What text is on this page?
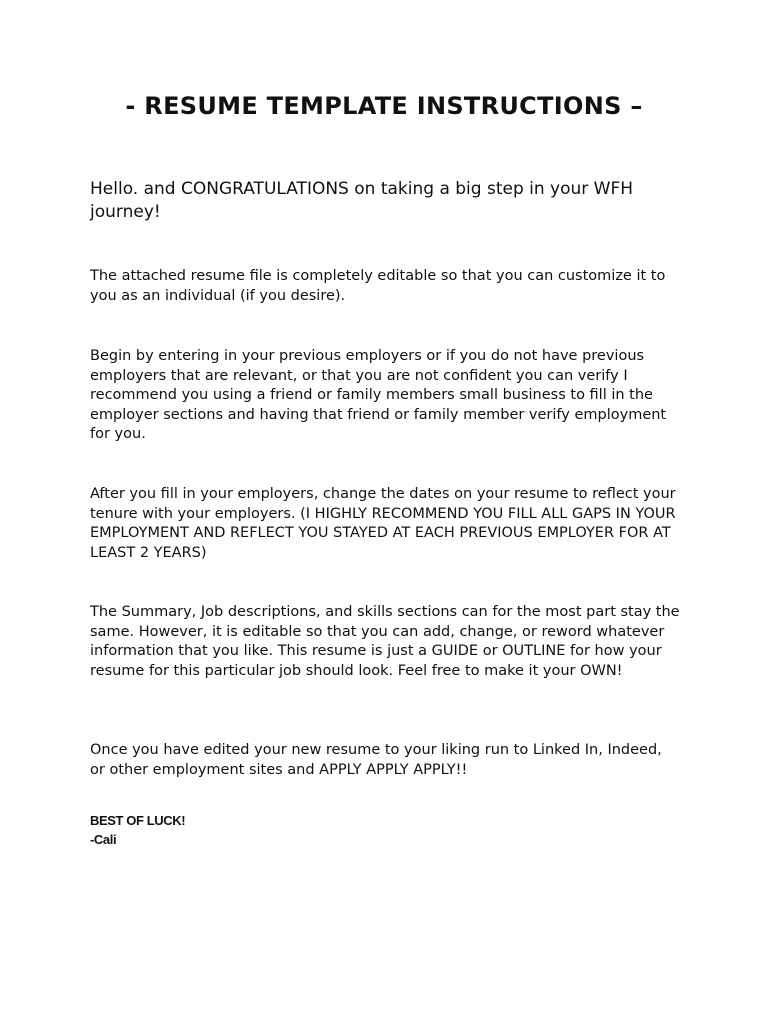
- RESUME TEMPLATE INSTRUCTIONS –

Hello. and CONGRATULATIONS on taking a big step in your WFH journey!

The attached resume file is completely editable so that you can customize it to you as an individual (if you desire).

Begin by entering in your previous employers or if you do not have previous employers that are relevant, or that you are not confident you can verify I recommend you using a friend or family members small business to fill in the employer sections and having that friend or family member verify employment for you.

After you fill in your employers, change the dates on your resume to reflect your tenure with your employers. (I HIGHLY RECOMMEND YOU FILL ALL GAPS IN YOUR EMPLOYMENT AND REFLECT YOU STAYED AT EACH PREVIOUS EMPLOYER FOR AT LEAST 2 YEARS)

The Summary, Job descriptions, and skills sections can for the most part stay the same. However, it is editable so that you can add, change, or reword whatever information that you like. This resume is just a GUIDE or OUTLINE for how your resume for this particular job should look. Feel free to make it your OWN!

Once you have edited your new resume to your liking run to Linked In, Indeed, or other employment sites and APPLY APPLY APPLY!!

BEST OF LUCK!
-Cali
